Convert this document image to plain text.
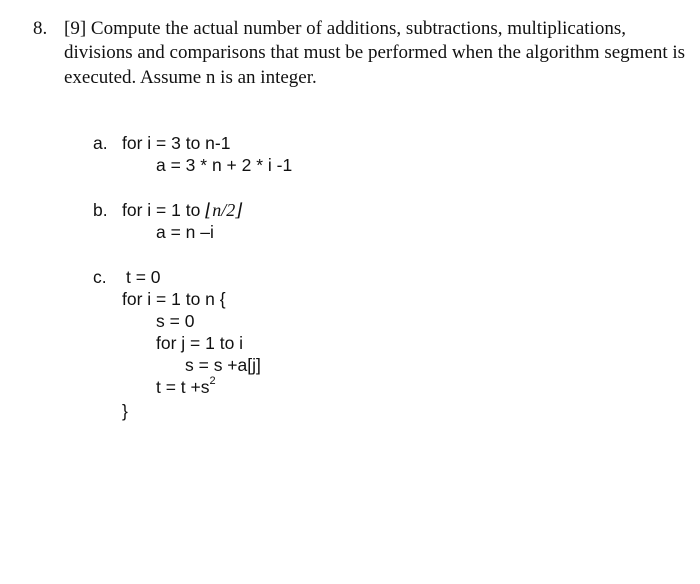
8. [9] Compute the actual number of additions, subtractions, multiplications,
divisions and comparisons that must be performed when the algorithm segment is
executed. Assume n is an integer.
a. for i = 3 to n-1
a = 3 * n + 2 * i -1
b. for i = 1 to ⌊n/2⌋
a = n –i
c. t = 0
for i = 1 to n {
s = 0
for j = 1 to i
s = s +a[j]
$t = t +s^2$
}
